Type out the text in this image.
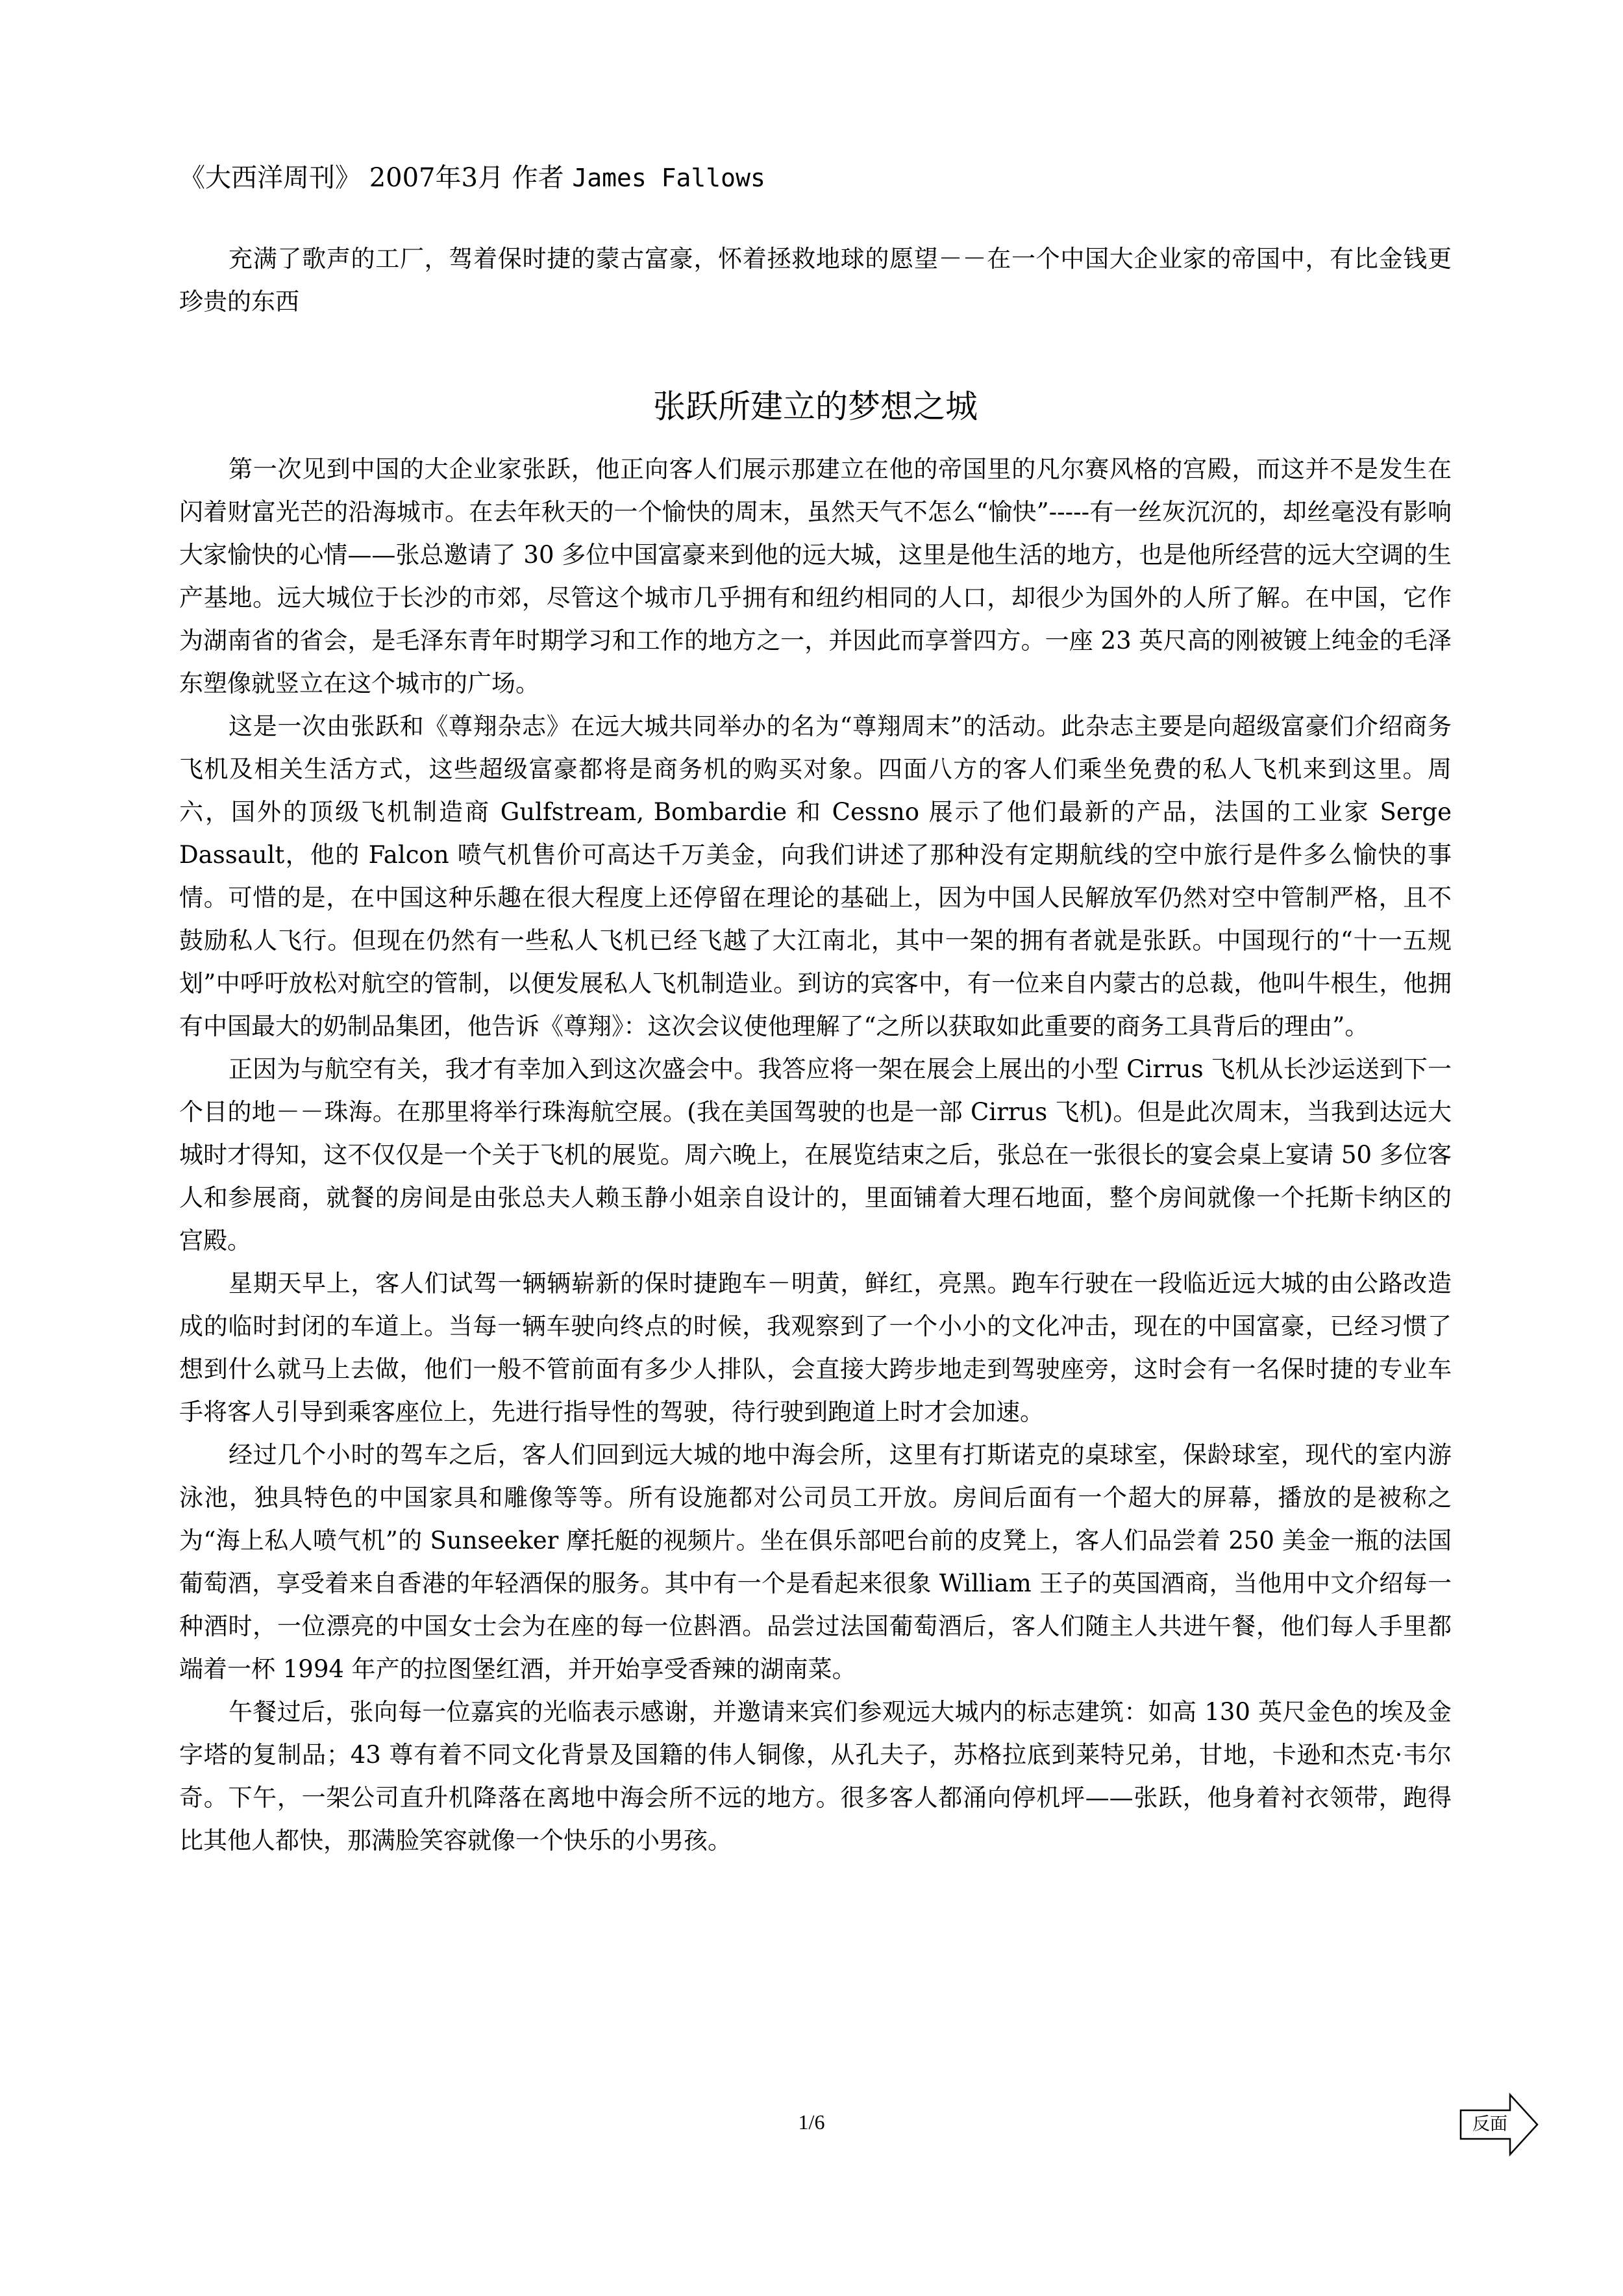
《大西洋周刊》 2007年3月 作者 James Fallows

充满了歌声的工厂，驾着保时捷的蒙古富豪，怀着拯救地球的愿望－－在一个中国大企业家的帝国中，有比金钱更珍贵的东西

张跃所建立的梦想之城

第一次见到中国的大企业家张跃，他正向客人们展示那建立在他的帝国里的凡尔赛风格的宫殿，而这并不是发生在闪着财富光芒的沿海城市。在去年秋天的一个愉快的周末，虽然天气不怎么“愉快”-----有一丝灰沉沉的，却丝毫没有影响大家愉快的心情——张总邀请了 30 多位中国富豪来到他的远大城，这里是他生活的地方，也是他所经营的远大空调的生产基地。远大城位于长沙的市郊，尽管这个城市几乎拥有和纽约相同的人口，却很少为国外的人所了解。在中国，它作为湖南省的省会，是毛泽东青年时期学习和工作的地方之一，并因此而享誉四方。一座 23 英尺高的刚被镀上纯金的毛泽东塑像就竖立在这个城市的广场。

这是一次由张跃和《尊翔杂志》在远大城共同举办的名为“尊翔周末”的活动。此杂志主要是向超级富豪们介绍商务飞机及相关生活方式，这些超级富豪都将是商务机的购买对象。四面八方的客人们乘坐免费的私人飞机来到这里。周六，国外的顶级飞机制造商 Gulfstream, Bombardie 和 Cessno 展示了他们最新的产品，法国的工业家 Serge Dassault，他的 Falcon 喷气机售价可高达千万美金，向我们讲述了那种没有定期航线的空中旅行是件多么愉快的事情。可惜的是，在中国这种乐趣在很大程度上还停留在理论的基础上，因为中国人民解放军仍然对空中管制严格，且不鼓励私人飞行。但现在仍然有一些私人飞机已经飞越了大江南北，其中一架的拥有者就是张跃。中国现行的“十一五规划”中呼吁放松对航空的管制，以便发展私人飞机制造业。到访的宾客中，有一位来自内蒙古的总裁，他叫牛根生，他拥有中国最大的奶制品集团，他告诉《尊翔》：这次会议使他理解了“之所以获取如此重要的商务工具背后的理由”。

正因为与航空有关，我才有幸加入到这次盛会中。我答应将一架在展会上展出的小型 Cirrus 飞机从长沙运送到下一个目的地－－珠海。在那里将举行珠海航空展。(我在美国驾驶的也是一部 Cirrus 飞机)。但是此次周末，当我到达远大城时才得知，这不仅仅是一个关于飞机的展览。周六晚上，在展览结束之后，张总在一张很长的宴会桌上宴请 50 多位客人和参展商，就餐的房间是由张总夫人赖玉静小姐亲自设计的，里面铺着大理石地面，整个房间就像一个托斯卡纳区的宫殿。

星期天早上，客人们试驾一辆辆崭新的保时捷跑车－明黄，鲜红，亮黑。跑车行驶在一段临近远大城的由公路改造成的临时封闭的车道上。当每一辆车驶向终点的时候，我观察到了一个小小的文化冲击，现在的中国富豪，已经习惯了想到什么就马上去做，他们一般不管前面有多少人排队，会直接大跨步地走到驾驶座旁，这时会有一名保时捷的专业车手将客人引导到乘客座位上，先进行指导性的驾驶，待行驶到跑道上时才会加速。

经过几个小时的驾车之后，客人们回到远大城的地中海会所，这里有打斯诺克的桌球室，保龄球室，现代的室内游泳池，独具特色的中国家具和雕像等等。所有设施都对公司员工开放。房间后面有一个超大的屏幕，播放的是被称之为“海上私人喷气机”的 Sunseeker 摩托艇的视频片。坐在俱乐部吧台前的皮凳上，客人们品尝着 250 美金一瓶的法国葡萄酒，享受着来自香港的年轻酒保的服务。其中有一个是看起来很象 William 王子的英国酒商，当他用中文介绍每一种酒时，一位漂亮的中国女士会为在座的每一位斟酒。品尝过法国葡萄酒后，客人们随主人共进午餐，他们每人手里都端着一杯 1994 年产的拉图堡红酒，并开始享受香辣的湖南菜。

午餐过后，张向每一位嘉宾的光临表示感谢，并邀请来宾们参观远大城内的标志建筑：如高 130 英尺金色的埃及金字塔的复制品；43 尊有着不同文化背景及国籍的伟人铜像，从孔夫子，苏格拉底到莱特兄弟，甘地，卡逊和杰克·韦尔奇。下午，一架公司直升机降落在离地中海会所不远的地方。很多客人都涌向停机坪——张跃，他身着衬衣领带，跑得比其他人都快，那满脸笑容就像一个快乐的小男孩。

1/6	反面
